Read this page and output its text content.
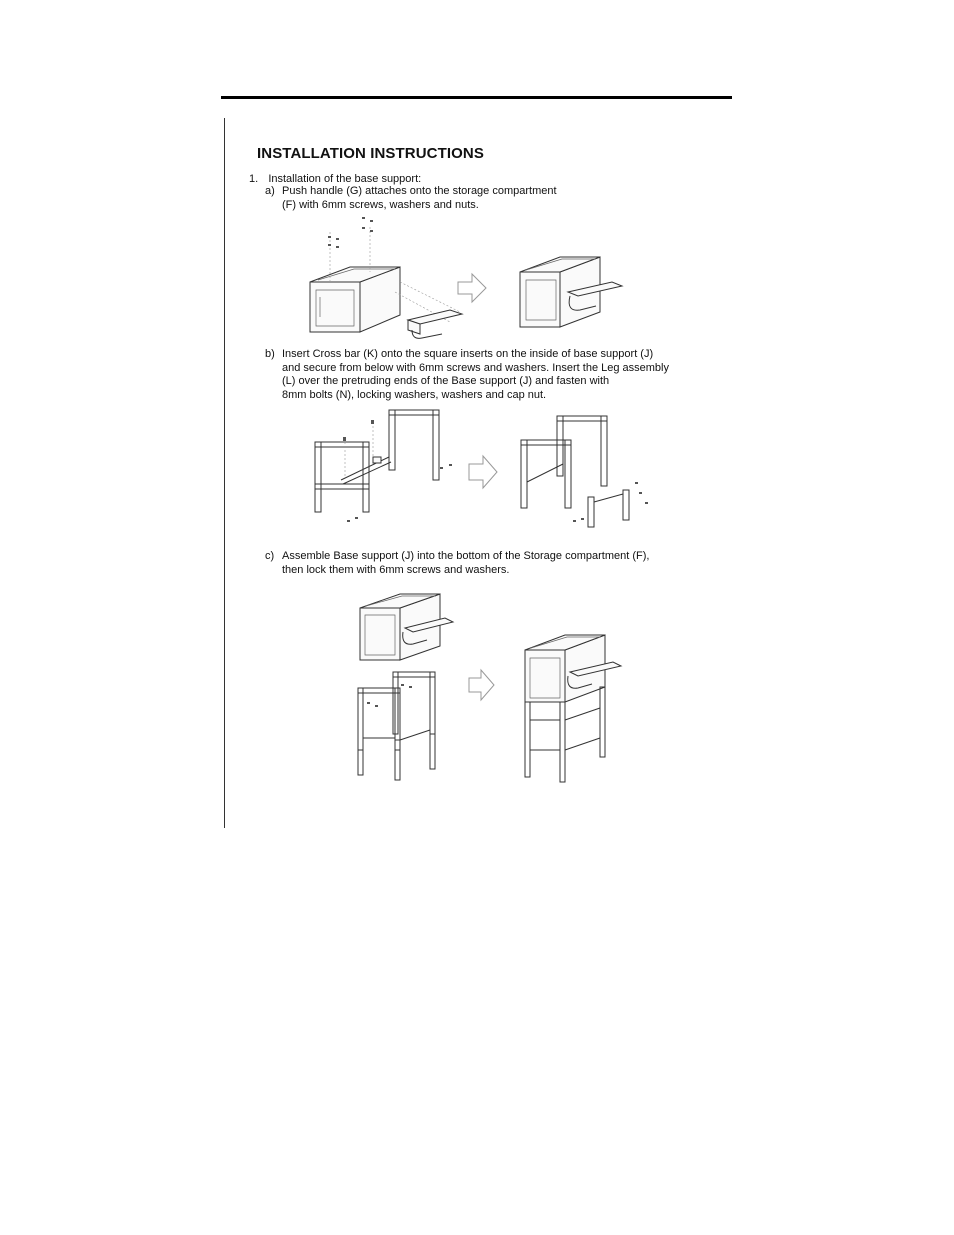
INSTALLATION INSTRUCTIONS
1. Installation of the base support:
a) Push handle (G) attaches onto the storage compartment
(F) with 6mm screws, washers and nuts.
b) Insert Cross bar (K) onto the square inserts on the inside of base support (J)
and secure from below with 6mm screws and washers. Insert the Leg assembly
(L) over the pretruding ends of the Base support (J) and fasten with
8mm bolts (N), locking washers, washers and cap nut.
c) Assemble Base support (J) into the bottom of the Storage compartment (F),
then lock them with 6mm screws and washers.
